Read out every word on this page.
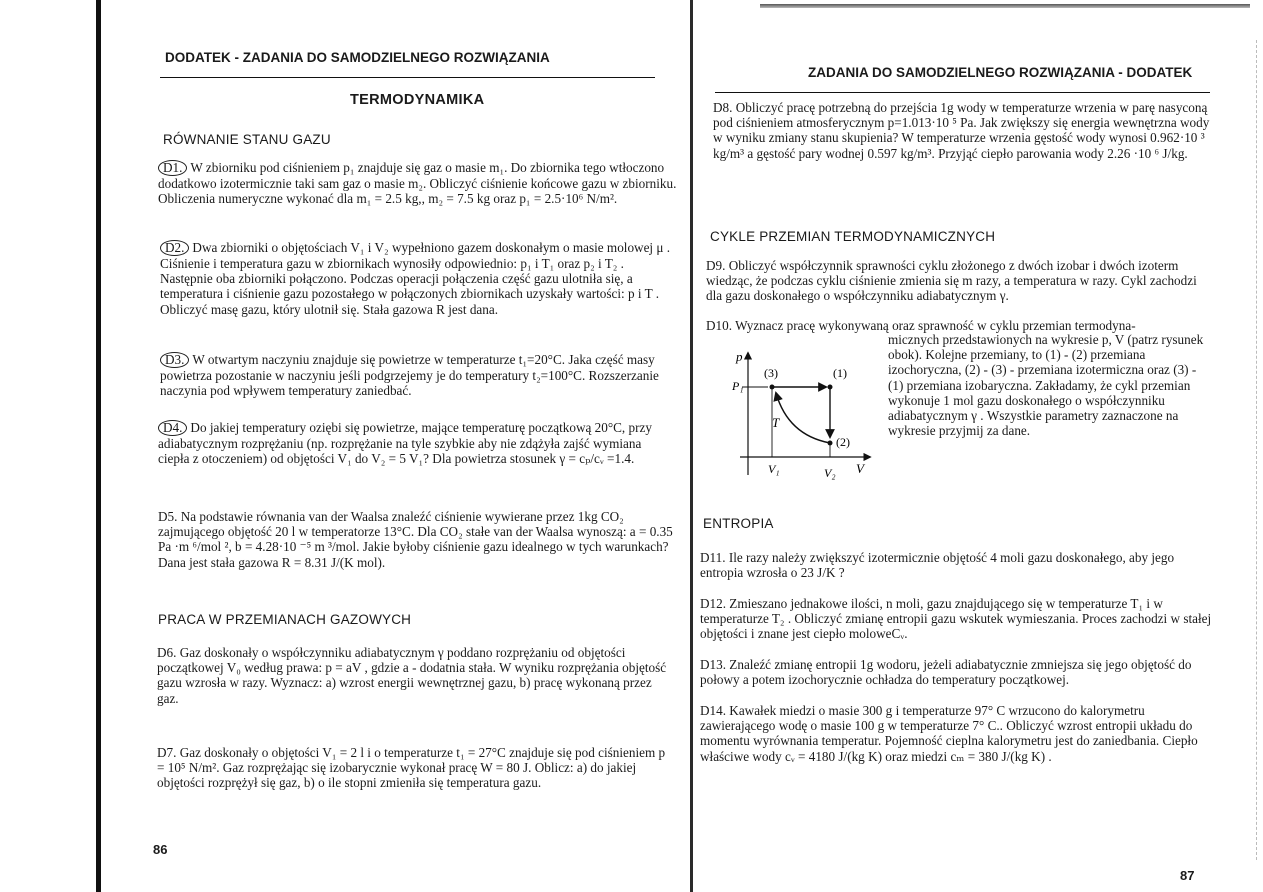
DODATEK - ZADANIA DO SAMODZIELNEGO ROZWIĄZANIA
TERMODYNAMIKA
RÓWNANIE STANU GAZU
D1. W zbiorniku pod ciśnieniem p₁ znajduje się gaz o masie m₁. Do zbiornika tego wtłoczono dodatkowo izotermicznie taki sam gaz o masie m₂. Obliczyć ciśnienie końcowe gazu w zbiorniku. Obliczenia numeryczne wykonać dla m₁ = 2.5 kg,, m₂ = 7.5 kg oraz p₁ = 2.5·10⁶ N/m².
D2. Dwa zbiorniki o objętościach V₁ i V₂ wypełniono gazem doskonałym o masie molowej μ . Ciśnienie i temperatura gazu w zbiornikach wynosiły odpowiednio: p₁ i T₁ oraz p₂ i T₂ . Następnie oba zbiorniki połączono. Podczas operacji połączenia część gazu ulotniła się, a temperatura i ciśnienie gazu pozostałego w połączonych zbiornikach uzyskały wartości: p i T . Obliczyć masę gazu, który ulotnił się. Stała gazowa R jest dana.
D3. W otwartym naczyniu znajduje się powietrze w temperaturze t₁=20°C. Jaka część masy powietrza pozostanie w naczyniu jeśli podgrzejemy je do temperatury t₂=100°C. Rozszerzanie naczynia pod wpływem temperatury zaniedbać.
D4. Do jakiej temperatury oziębi się powietrze, mające temperaturę początkową 20°C, przy adiabatycznym rozprężaniu (np. rozprężanie na tyle szybkie aby nie zdążyła zajść wymiana ciepła z otoczeniem) od objętości V₁ do V₂ = 5 V₁? Dla powietrza stosunek γ = cₚ/cᵥ =1.4.
D5. Na podstawie równania van der Waalsa znaleźć ciśnienie wywierane przez 1kg CO₂ zajmującego objętość 20 l w temperatorze 13°C. Dla CO₂ stałe van der Waalsa wynoszą: a = 0.35 Pa ·m ⁶/mol ², b = 4.28·10 ⁻⁵ m ³/mol. Jakie byłoby ciśnienie gazu idealnego w tych warunkach? Dana jest stała gazowa R = 8.31 J/(K mol).
PRACA W PRZEMIANACH GAZOWYCH
D6. Gaz doskonały o współczynniku adiabatycznym γ poddano rozprężaniu od objętości początkowej V₀ według prawa: p = aV , gdzie a - dodatnia stała. W wyniku rozprężania objętość gazu wzrosła w razy. Wyznacz: a) wzrost energii wewnętrznej gazu, b) pracę wykonaną przez gaz.
D7. Gaz doskonały o objętości V₁ = 2 l i o temperaturze t₁ = 27°C znajduje się pod ciśnieniem p = 10⁵ N/m². Gaz rozprężając się izobarycznie wykonał pracę W = 80 J. Oblicz: a) do jakiej objętości rozprężył się gaz, b) o ile stopni zmieniła się temperatura gazu.
86
ZADANIA DO SAMODZIELNEGO ROZWIĄZANIA - DODATEK
D8. Obliczyć pracę potrzebną do przejścia 1g wody w temperaturze wrzenia w parę nasyconą pod ciśnieniem atmosferycznym p=1.013·10 ⁵ Pa. Jak zwiększy się energia wewnętrzna wody w wyniku zmiany stanu skupienia? W temperaturze wrzenia gęstość wody wynosi 0.962·10 ³ kg/m³ a gęstość pary wodnej 0.597 kg/m³. Przyjąć ciepło parowania wody 2.26 ·10 ⁶ J/kg.
CYKLE PRZEMIAN TERMODYNAMICZNYCH
D9. Obliczyć współczynnik sprawności cyklu złożonego z dwóch izobar i dwóch izoterm wiedząc, że podczas cyklu ciśnienie zmienia się m razy, a temperatura w razy. Cykl zachodzi dla gazu doskonałego o współczynniku adiabatycznym γ.
D10. Wyznacz pracę wykonywaną oraz sprawność w cyklu przemian termodyna-
p
P₁
(3)	(1)
(2)
T
V₁	V₂ V
micznych przedstawionych na wykresie p, V (patrz rysunek obok). Kolejne przemiany, to (1) - (2) przemiana izochoryczna, (2) - (3) - przemiana izotermiczna oraz (3) - (1) przemiana izobaryczna. Zakładamy, że cykl przemian wykonuje 1 mol gazu doskonałego o współczynniku adiabatycznym γ . Wszystkie parametry zaznaczone na wykresie przyjmij za dane.
ENTROPIA
D11. Ile razy należy zwiększyć izotermicznie objętość 4 moli gazu doskonałego, aby jego entropia wzrosła o 23 J/K ?
D12. Zmieszano jednakowe ilości, n moli, gazu znajdującego się w temperaturze T₁ i w temperaturze T₂ . Obliczyć zmianę entropii gazu wskutek wymieszania. Proces zachodzi w stałej objętości i znane jest ciepło moloweCᵥ.
D13. Znaleźć zmianę entropii 1g wodoru, jeżeli adiabatycznie zmniejsza się jego objętość do połowy a potem izochorycznie ochładza do temperatury początkowej.
D14. Kawałek miedzi o masie 300 g i temperaturze 97° C wrzucono do kalorymetru zawierającego wodę o masie 100 g w temperaturze 7° C.. Obliczyć wzrost entropii układu do momentu wyrównania temperatur. Pojemność cieplna kalorymetru jest do zaniedbania. Ciepło właściwe wody cᵥ = 4180 J/(kg K) oraz miedzi cₘ = 380 J/(kg K) .
87
